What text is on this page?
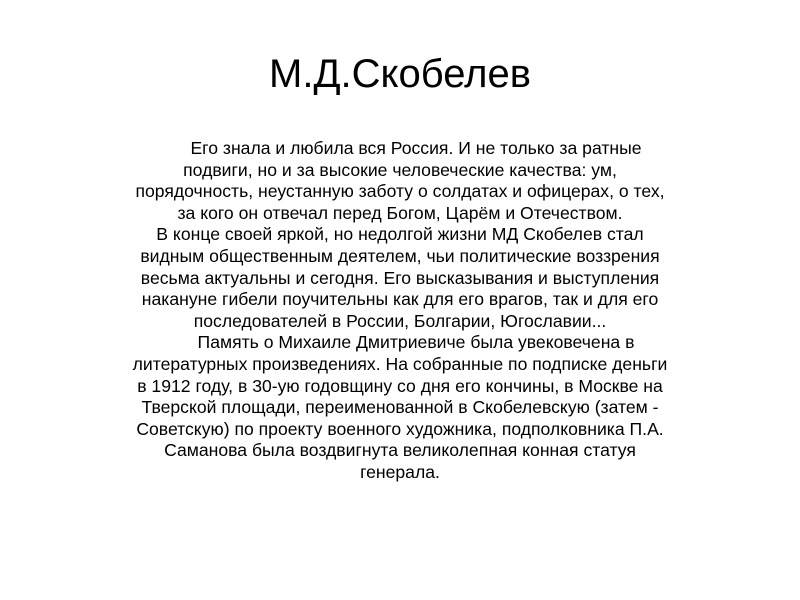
М.Д.Скобелев
Его знала и любила вся Россия. И не только за ратные
подвиги, но и за высокие человеческие качества: ум,
порядочность, неустанную заботу о солдатах и офицерах, о тех,
за кого он отвечал перед Богом, Царём и Отечеством.
В конце своей яркой, но недолгой жизни МД Скобелев стал
видным общественным деятелем, чьи политические воззрения
весьма актуальны и сегодня. Его высказывания и выступления
накануне гибели поучительны как для его врагов, так и для его
последователей в России, Болгарии, Югославии...
Память о Михаиле Дмитриевиче была увековечена в
литературных произведениях. На собранные по подписке деньги
в 1912 году, в 30-ую годовщину со дня его кончины, в Москве на
Тверской площади, переименованной в Скобелевскую (затем -
Советскую) по проекту военного художника, подполковника П.А.
Саманова была воздвигнута великолепная конная статуя
генерала.
